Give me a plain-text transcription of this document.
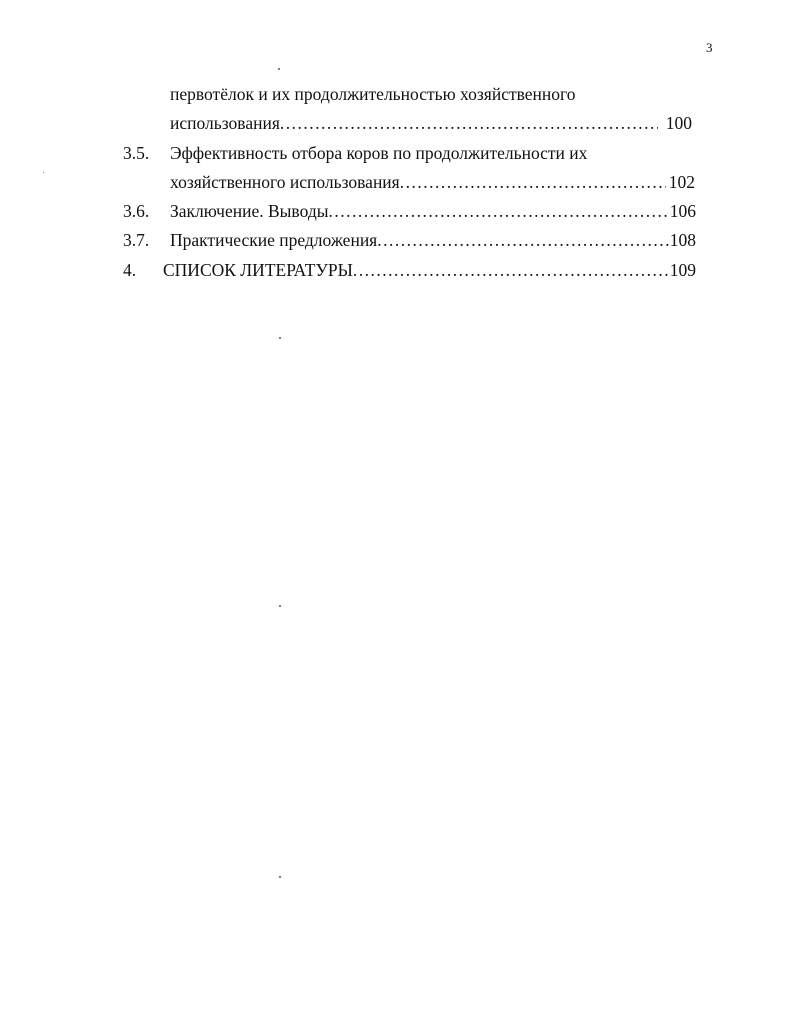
3
первотёлок и их продолжительностью хозяйственного
использования .....	100
3.5. Эффективность отбора коров по продолжительности их
хозяйственного использования .....	102
3.6. Заключение. Выводы .....	106
3.7. Практические предложения .....	108
4. СПИСОК ЛИТЕРАТУРЫ .....	109
